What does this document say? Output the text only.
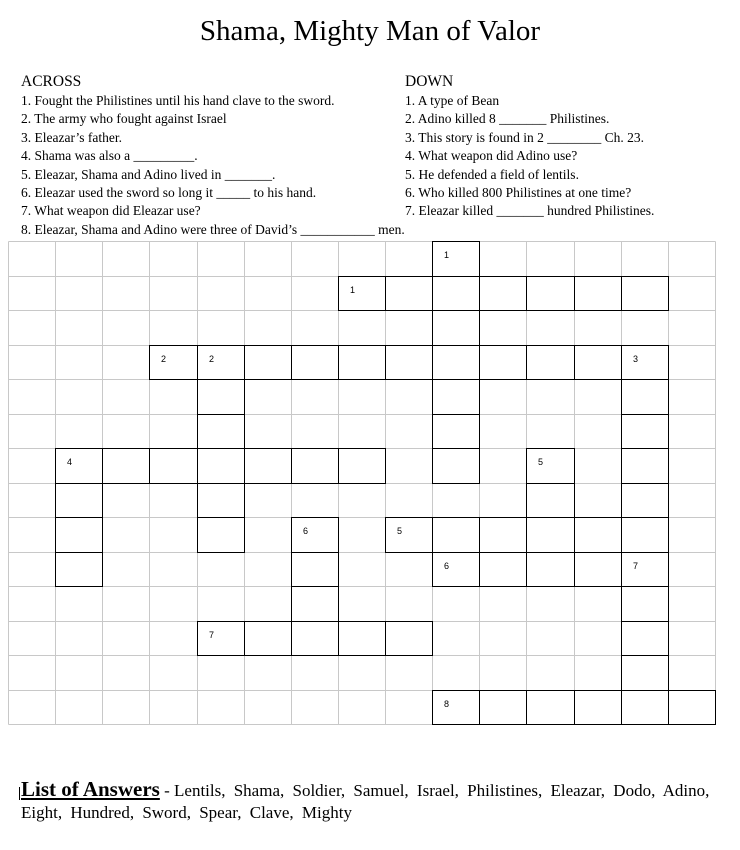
Shama, Mighty Man of Valor
ACROSS
1. Fought the Philistines until his hand clave to the sword.
2. The army who fought against Israel
3. Eleazar’s father.
4. Shama was also a _________.
5. Eleazar, Shama and Adino lived in _______.
6. Eleazar used the sword so long it _____ to his hand.
7. What weapon did Eleazar use?
8. Eleazar, Shama and Adino were three of David’s ___________ men.
DOWN
1. A type of Bean
2. Adino killed 8 _______ Philistines.
3. This story is found in 2 ________ Ch. 23.
4. What weapon did Adino use?
5. He defended a field of lentils.
6. Who killed 800 Philistines at one time?
7. Eleazar killed _______ hundred Philistines.
1
1
2	2	3
4	5
6	5
6	7
7
8
List of Answers - Lentils, Shama, Soldier, Samuel, Israel, Philistines, Eleazar, Dodo, Adino, Eight, Hundred, Sword, Spear, Clave, Mighty
